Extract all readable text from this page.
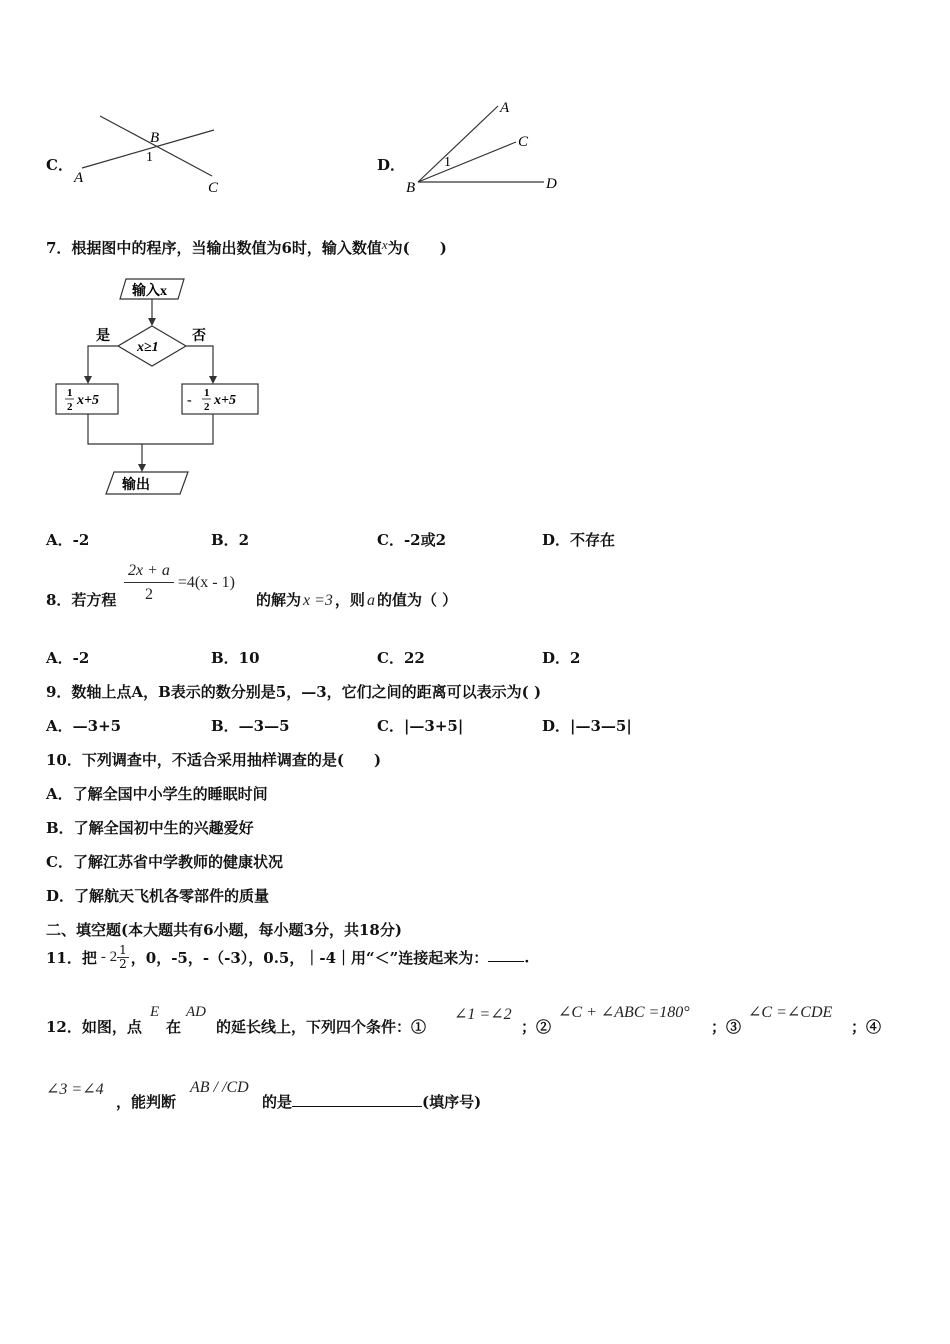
C．
A
B
C
1	D．
A
C
B	D
1
7．根据图中的程序，当输出数值为6时，输入数值x为(　　)
输入x
x≥1
是	否
1
2 x+5	- 1
2 x+5
输出
A．-2	B．2	C．-2或2	D．不存在
8．若方程 $\frac{2x + a}{2} =4(x - 1)$
的解为 x =3 ，则 a 的值为（ ）
A．-2	B．10	C．22	D．2
9．数轴上点A，B表示的数分别是5，—3，它们之间的距离可以表示为( )
A．—3+5	B．—3—5	C．|—3+5|	D．|—3—5|
10．下列调查中，不适合采用抽样调查的是(　　)
A．了解全国中小学生的睡眠时间
B．了解全国初中生的兴趣爱好
C．了解江苏省中学教师的健康状况
D．了解航天飞机各零部件的质量
二、填空题(本大题共有6小题，每小题3分，共18分)
11．把 - $2 \frac{1}{2}$ ，0，-5，-（-3），0.5，｜-4｜用“＜”连接起来为： .
12．如图，点
E
在
AD
的延长线上，下列四个条件：①
∠1 =∠2
；②
∠C + ∠ABC =180°
；③
∠C =∠CDE
；④
∠3 =∠4
，能判断
AB / /CD
的是	(填序号)
